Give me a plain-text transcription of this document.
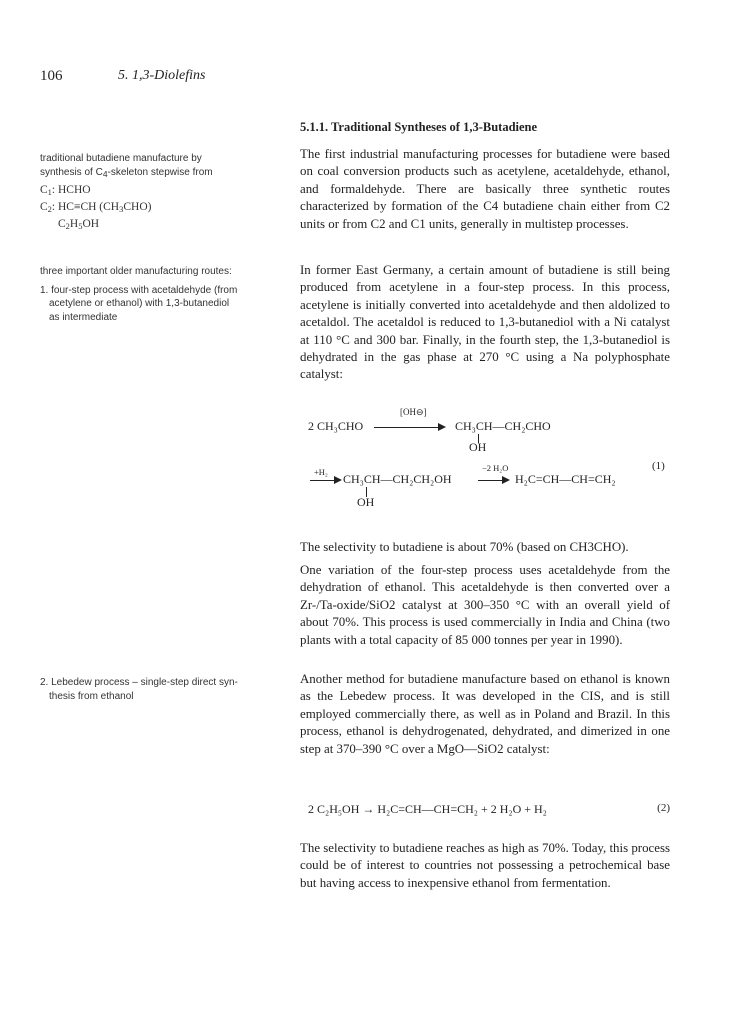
106	5. 1,3-Diolefins
5.1.1. Traditional Syntheses of 1,3-Butadiene
traditional butadiene manufacture by
synthesis of $C_4$-skeleton stepwise from
$C_1$: HCHO
$C_2$: HC≡CH $(CH_3CHO)$
$C_2H_5OH$
three important older manufacturing routes:
1. four-step process with acetaldehyde (from
acetylene or ethanol) with 1,3-butanediol
as intermediate
2. Lebedew process – single-step direct syn-
thesis from ethanol
The first industrial manufacturing processes for butadiene were based on coal conversion products such as acetylene, acetaldehyde, ethanol, and formaldehyde. There are basically three synthetic routes characterized by formation of the C4 butadiene chain either from C2 units or from C2 and C1 units, generally in multistep processes.
In former East Germany, a certain amount of butadiene is still being produced from acetylene in a four-step process. In this process, acetylene is initially converted into acetaldehyde and then aldolized to acetaldol. The acetaldol is reduced to 1,3-butanediol with a Ni catalyst at 110 °C and 300 bar. Finally, in the fourth step, the 1,3-butanediol is dehydrated in the gas phase at 270 °C using a Na polyphosphate catalyst:
2 CH₃CHO
[OH⊖]
CH₃CH—CH₂CHO
OH
(1)
+H₂ CH₃CH—CH₂CH₂OH
OH
−2 H₂O
H₂C=CH—CH=CH₂
The selectivity to butadiene is about 70% (based on CH3CHO).
One variation of the four-step process uses acetaldehyde from the dehydration of ethanol. This acetaldehyde is then converted over a Zr-/Ta-oxide/SiO2 catalyst at 300–350 °C with an overall yield of about 70%. This process is used commercially in India and China (two plants with a total capacity of 85 000 tonnes per year in 1990).
Another method for butadiene manufacture based on ethanol is known as the Lebedew process. It was developed in the CIS, and is still employed commercially there, as well as in Poland and Brazil. In this process, ethanol is dehydrogenated, dehydrated, and dimerized in one step at 370–390 °C over a MgO—SiO2 catalyst:
2 C₂H₅OH → H₂C=CH—CH=CH₂ + 2 H₂O + H₂	(2)
The selectivity to butadiene reaches as high as 70%. Today, this process could be of interest to countries not possessing a petrochemical base but having access to inexpensive ethanol from fermentation.
